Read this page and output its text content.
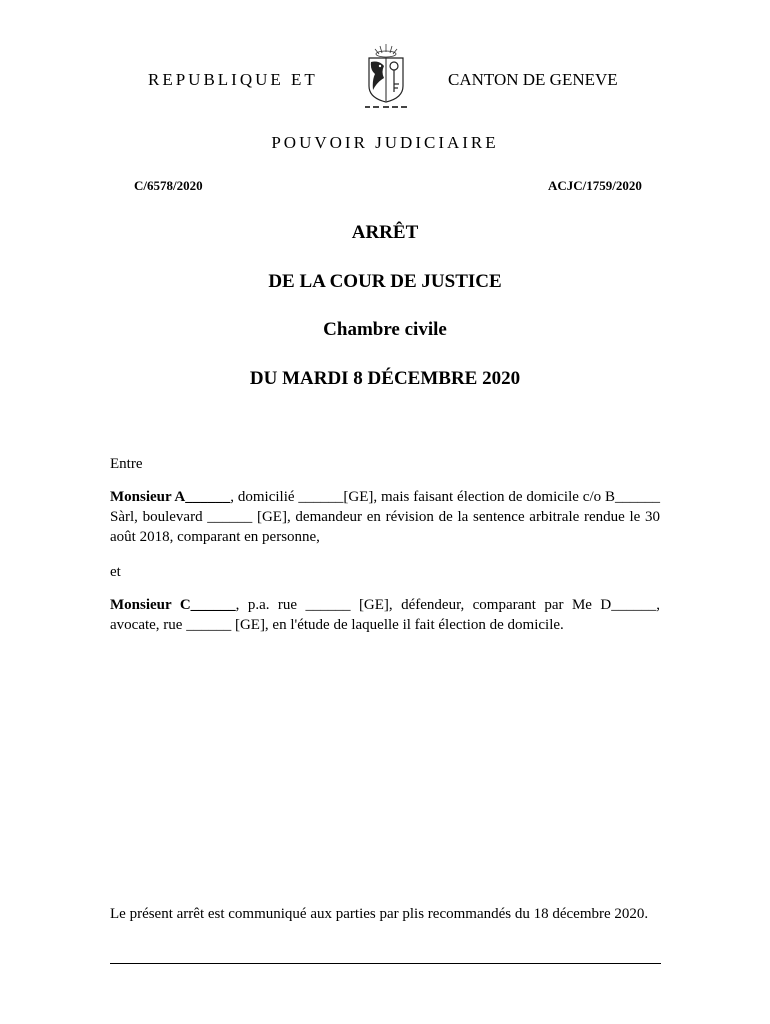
REPUBLIQUE ET	CANTON DE GENEVE
POUVOIR JUDICIAIRE
C/6578/2020	ACJC/1759/2020
ARRÊT
DE LA COUR DE JUSTICE
Chambre civile
DU MARDI 8 DÉCEMBRE 2020
Entre
Monsieur A______, domicilié ______[GE], mais faisant élection de domicile c/o B______ Sàrl, boulevard ______ [GE], demandeur en révision de la sentence arbitrale rendue le 30 août 2018, comparant en personne,
et
Monsieur C______, p.a. rue ______ [GE], défendeur, comparant par Me D______, avocate, rue ______ [GE], en l'étude de laquelle il fait élection de domicile.
Le présent arrêt est communiqué aux parties par plis recommandés du 18 décembre 2020.
